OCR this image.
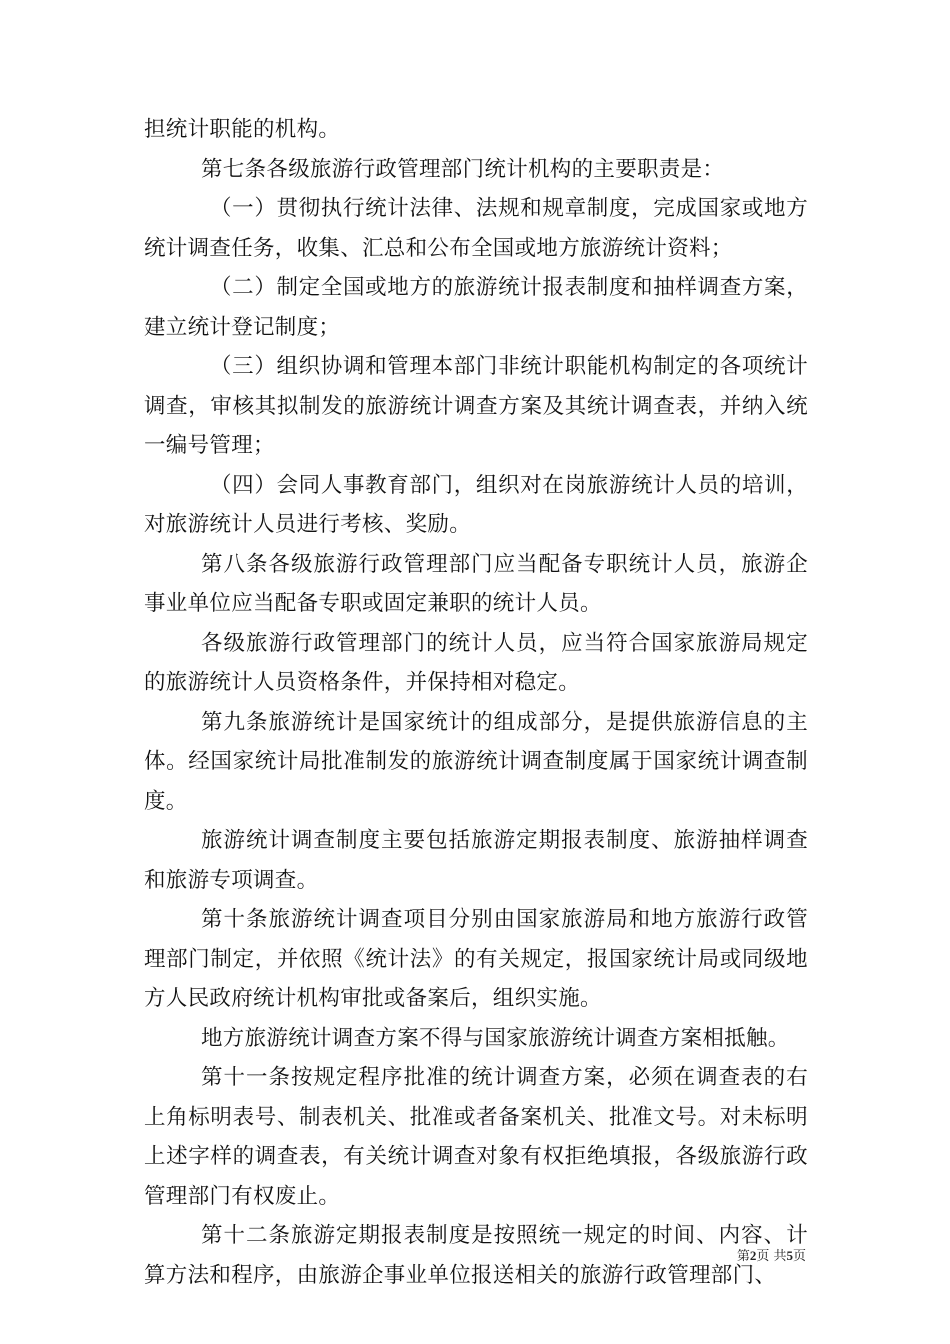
担统计职能的机构。

第七条各级旅游行政管理部门统计机构的主要职责是：

（一）贯彻执行统计法律、法规和规章制度，完成国家或地方统计调查任务，收集、汇总和公布全国或地方旅游统计资料；

（二）制定全国或地方的旅游统计报表制度和抽样调查方案，建立统计登记制度；

（三）组织协调和管理本部门非统计职能机构制定的各项统计调查，审核其拟制发的旅游统计调查方案及其统计调查表，并纳入统一编号管理；

（四）会同人事教育部门，组织对在岗旅游统计人员的培训，对旅游统计人员进行考核、奖励。

第八条各级旅游行政管理部门应当配备专职统计人员，旅游企事业单位应当配备专职或固定兼职的统计人员。

各级旅游行政管理部门的统计人员，应当符合国家旅游局规定的旅游统计人员资格条件，并保持相对稳定。

第九条旅游统计是国家统计的组成部分，是提供旅游信息的主体。经国家统计局批准制发的旅游统计调查制度属于国家统计调查制度。

旅游统计调查制度主要包括旅游定期报表制度、旅游抽样调查和旅游专项调查。

第十条旅游统计调查项目分别由国家旅游局和地方旅游行政管理部门制定，并依照《统计法》的有关规定，报国家统计局或同级地方人民政府统计机构审批或备案后，组织实施。

地方旅游统计调查方案不得与国家旅游统计调查方案相抵触。

第十一条按规定程序批准的统计调查方案，必须在调查表的右上角标明表号、制表机关、批准或者备案机关、批准文号。对未标明上述字样的调查表，有关统计调查对象有权拒绝填报，各级旅游行政管理部门有权废止。

第十二条旅游定期报表制度是按照统一规定的时间、内容、计算方法和程序，由旅游企事业单位报送相关的旅游行政管理部门、

第2页 共5页
